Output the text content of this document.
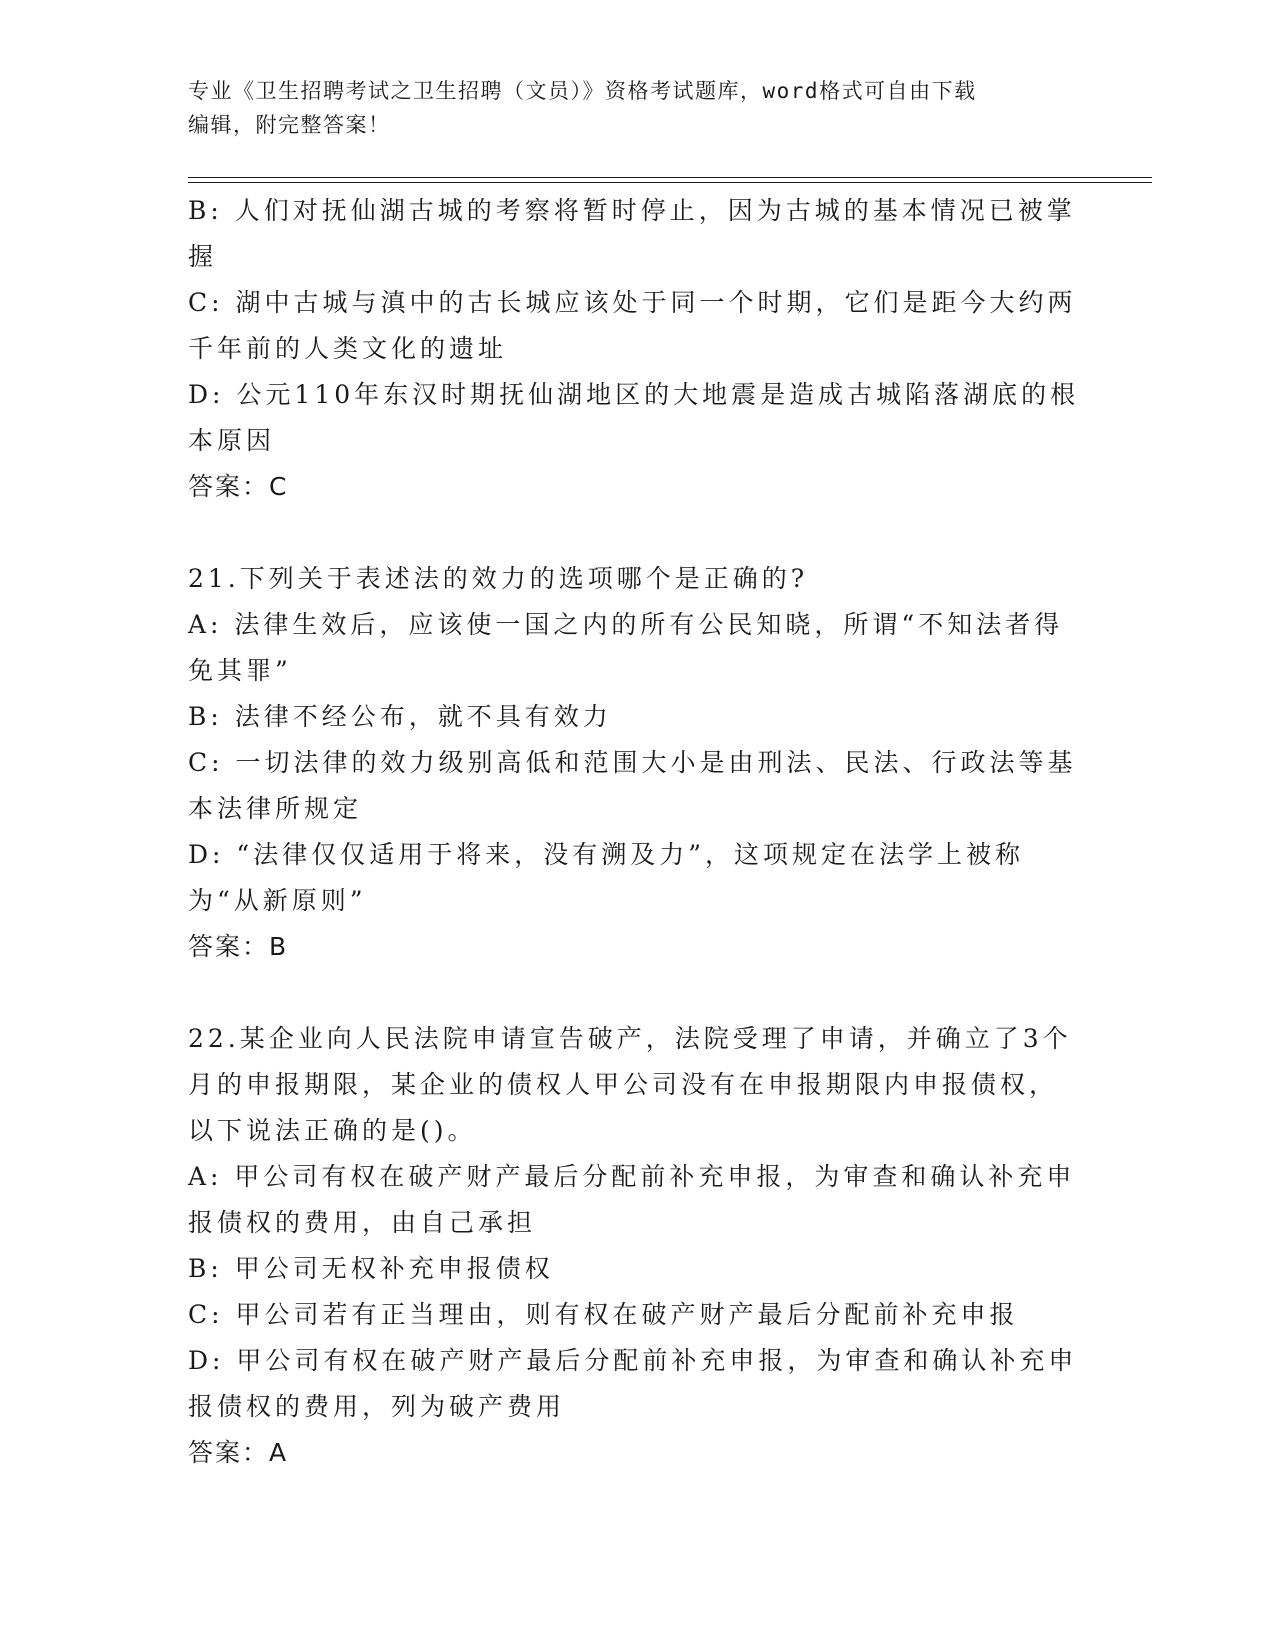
专业《卫生招聘考试之卫生招聘（文员）》资格考试题库，word格式可自由下载
编辑，附完整答案！

B: 人们对抚仙湖古城的考察将暂时停止，因为古城的基本情况已被掌握

C: 湖中古城与滇中的古长城应该处于同一个时期，它们是距今大约两千年前的人类文化的遗址

D: 公元110年东汉时期抚仙湖地区的大地震是造成古城陷落湖底的根本原因

答案：C

21.下列关于表述法的效力的选项哪个是正确的?

A: 法律生效后，应该使一国之内的所有公民知晓，所谓“不知法者得免其罪”

B: 法律不经公布，就不具有效力

C: 一切法律的效力级别高低和范围大小是由刑法、民法、行政法等基本法律所规定

D: “法律仅仅适用于将来，没有溯及力”，这项规定在法学上被称为“从新原则”

答案：B

22.某企业向人民法院申请宣告破产，法院受理了申请，并确立了3个月的申报期限，某企业的债权人甲公司没有在申报期限内申报债权，以下说法正确的是()。

A: 甲公司有权在破产财产最后分配前补充申报，为审查和确认补充申报债权的费用，由自己承担

B: 甲公司无权补充申报债权

C: 甲公司若有正当理由，则有权在破产财产最后分配前补充申报

D: 甲公司有权在破产财产最后分配前补充申报，为审查和确认补充申报债权的费用，列为破产费用

答案：A
